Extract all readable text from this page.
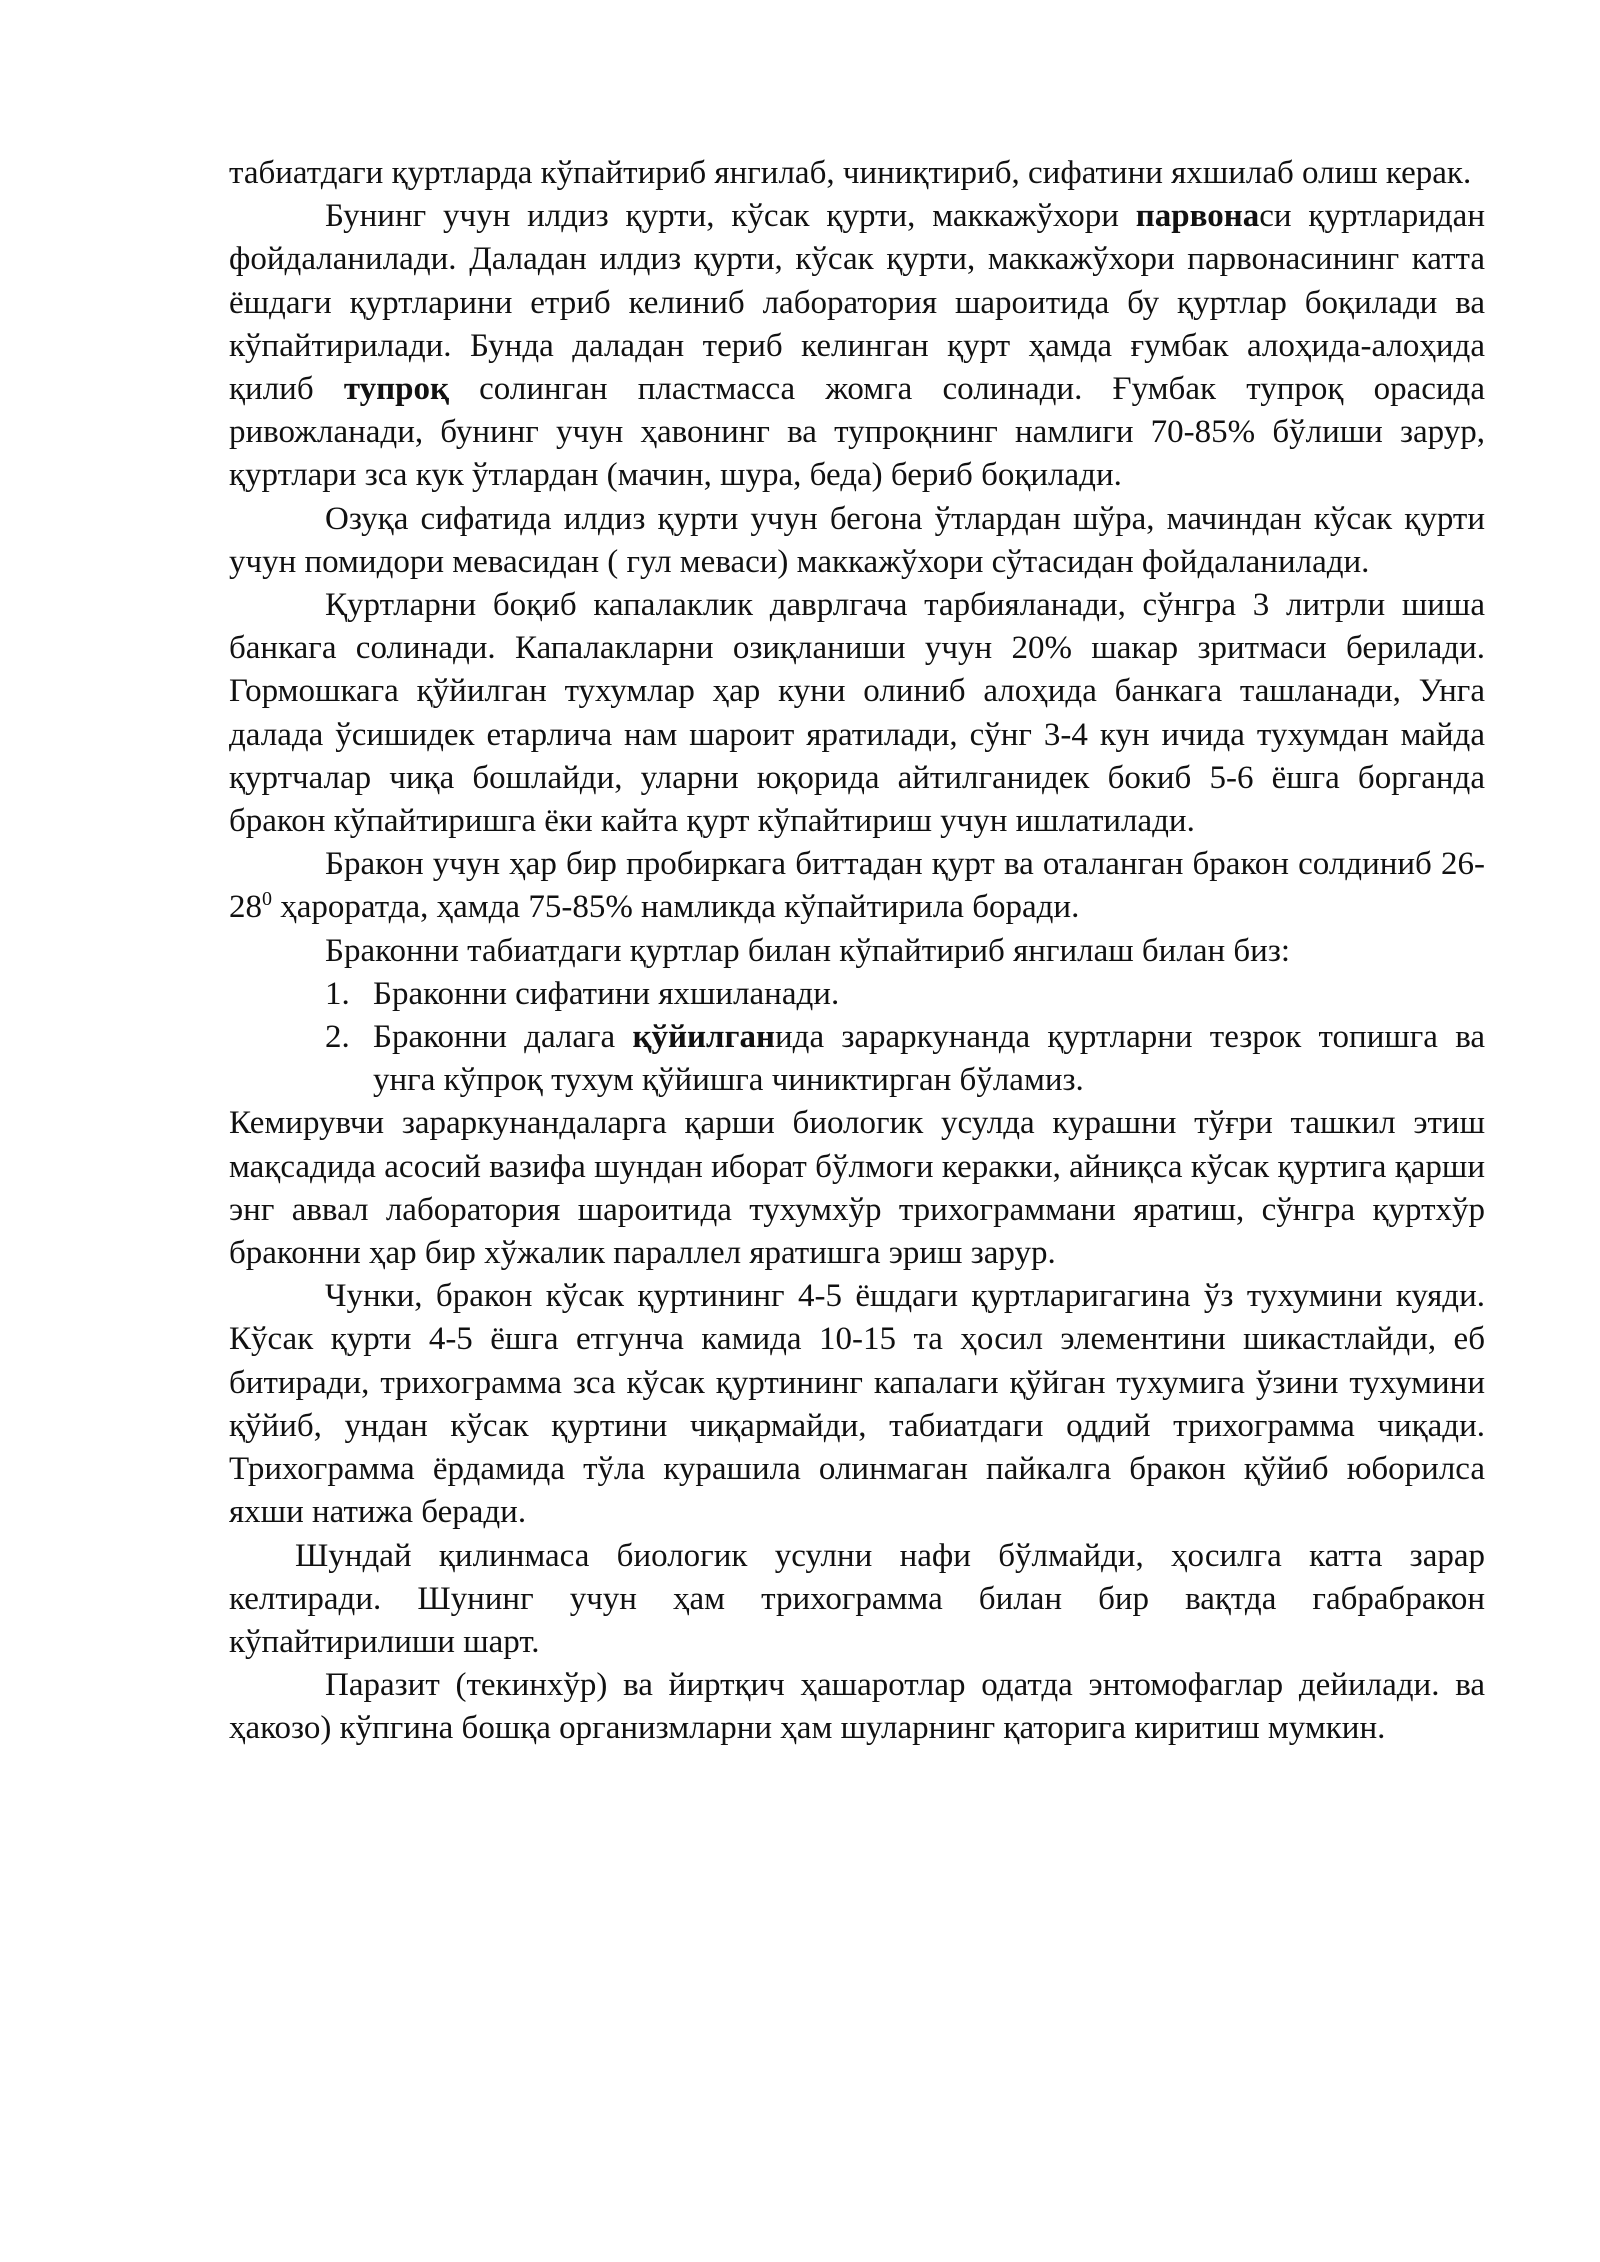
табиатдаги қуртларда кўпайтириб янгилаб, чиниқтириб, сифатини яхшилаб олиш керак.

Бунинг учун илдиз қурти, кўсак қурти, маккажўхори парвонаси қуртларидан фойдаланилади. Даладан илдиз қурти, кўсак қурти, маккажўхори парвонасининг катта ёшдаги қуртларини етриб келиниб лаборатория шароитида бу қуртлар боқилади ва кўпайтирилади. Бунда даладан териб келинган қурт ҳамда ғумбак алоҳида-алоҳида қилиб тупроқ солинган пластмасса жомга солинади. Ғумбак тупроқ орасида ривожланади, бунинг учун ҳавонинг ва тупроқнинг намлиги 70-85% бўлиши зарур, қуртлари зса кук ўтлардан (мачин, шура, беда) бериб боқилади.

Озуқа сифатида илдиз қурти учун бегона ўтлардан шўра, мачиндан кўсак қурти учун помидори мевасидан ( гул меваси) маккажўхори сўтасидан фойдаланилади.

Қуртларни боқиб капалаклик даврлгача тарбияланади, сўнгра 3 литрли шиша банкага солинади. Капалакларни озиқланиши учун 20% шакар зритмаси берилади. Гормошкага қўйилган тухумлар ҳар куни олиниб алоҳида банкага ташланади, Унга далада ўсишидек етарлича нам шароит яратилади, сўнг 3-4 кун ичида тухумдан майда қуртчалар чиқа бошлайди, уларни юқорида айтилганидек бокиб 5-6 ёшга борганда бракон кўпайтиришга ёки кайта қурт кўпайтириш учун ишлатилади.

Бракон учун ҳар бир пробиркага биттадан қурт ва оталанган бракон солдиниб $26-28^0$ ҳароратда, ҳамда 75-85% намликда кўпайтирила боради.

Браконни табиатдаги қуртлар билан кўпайтириб янгилаш билан биз:

1. Браконни сифатини яхшиланади.
2. Браконни далага қўйилганида зараркунанда қуртларни тезрок топишга ва унга кўпроқ тухум қўйишга чиниктирган бўламиз.

Кемирувчи зараркунандаларга қарши биологик усулда курашни тўғри ташкил этиш мақсадида асосий вазифа шундан иборат бўлмоги керакки, айниқса кўсак қуртига қарши энг аввал лаборатория шароитида тухумхўр трихограммани яратиш, сўнгра қуртхўр браконни ҳар бир хўжалик параллел яратишга эриш зарур.

Чунки, бракон кўсак қуртининг 4-5 ёшдаги қуртларигагина ўз тухумини куяди. Кўсак қурти 4-5 ёшга етгунча камида 10-15 та ҳосил элементини шикастлайди, еб битиради, трихограмма зса кўсак қуртининг капалаги қўйган тухумига ўзини тухумини қўйиб, ундан кўсак қуртини чиқармайди, табиатдаги оддий трихограмма чиқади. Трихограмма ёрдамида тўла курашила олинмаган пайкалга бракон қўйиб юборилса яхши натижа беради.

Шундай қилинмаса биологик усулни нафи бўлмайди, ҳосилга катта зарар келтиради. Шунинг учун ҳам трихограмма билан бир вақтда габрабракон кўпайтирилиши шарт.

Паразит (текинхўр) ва йиртқич ҳашаротлар одатда энтомофаглар дейилади. ва ҳакозо) кўпгина бошқа организмларни ҳам шуларнинг қаторига киритиш мумкин.
